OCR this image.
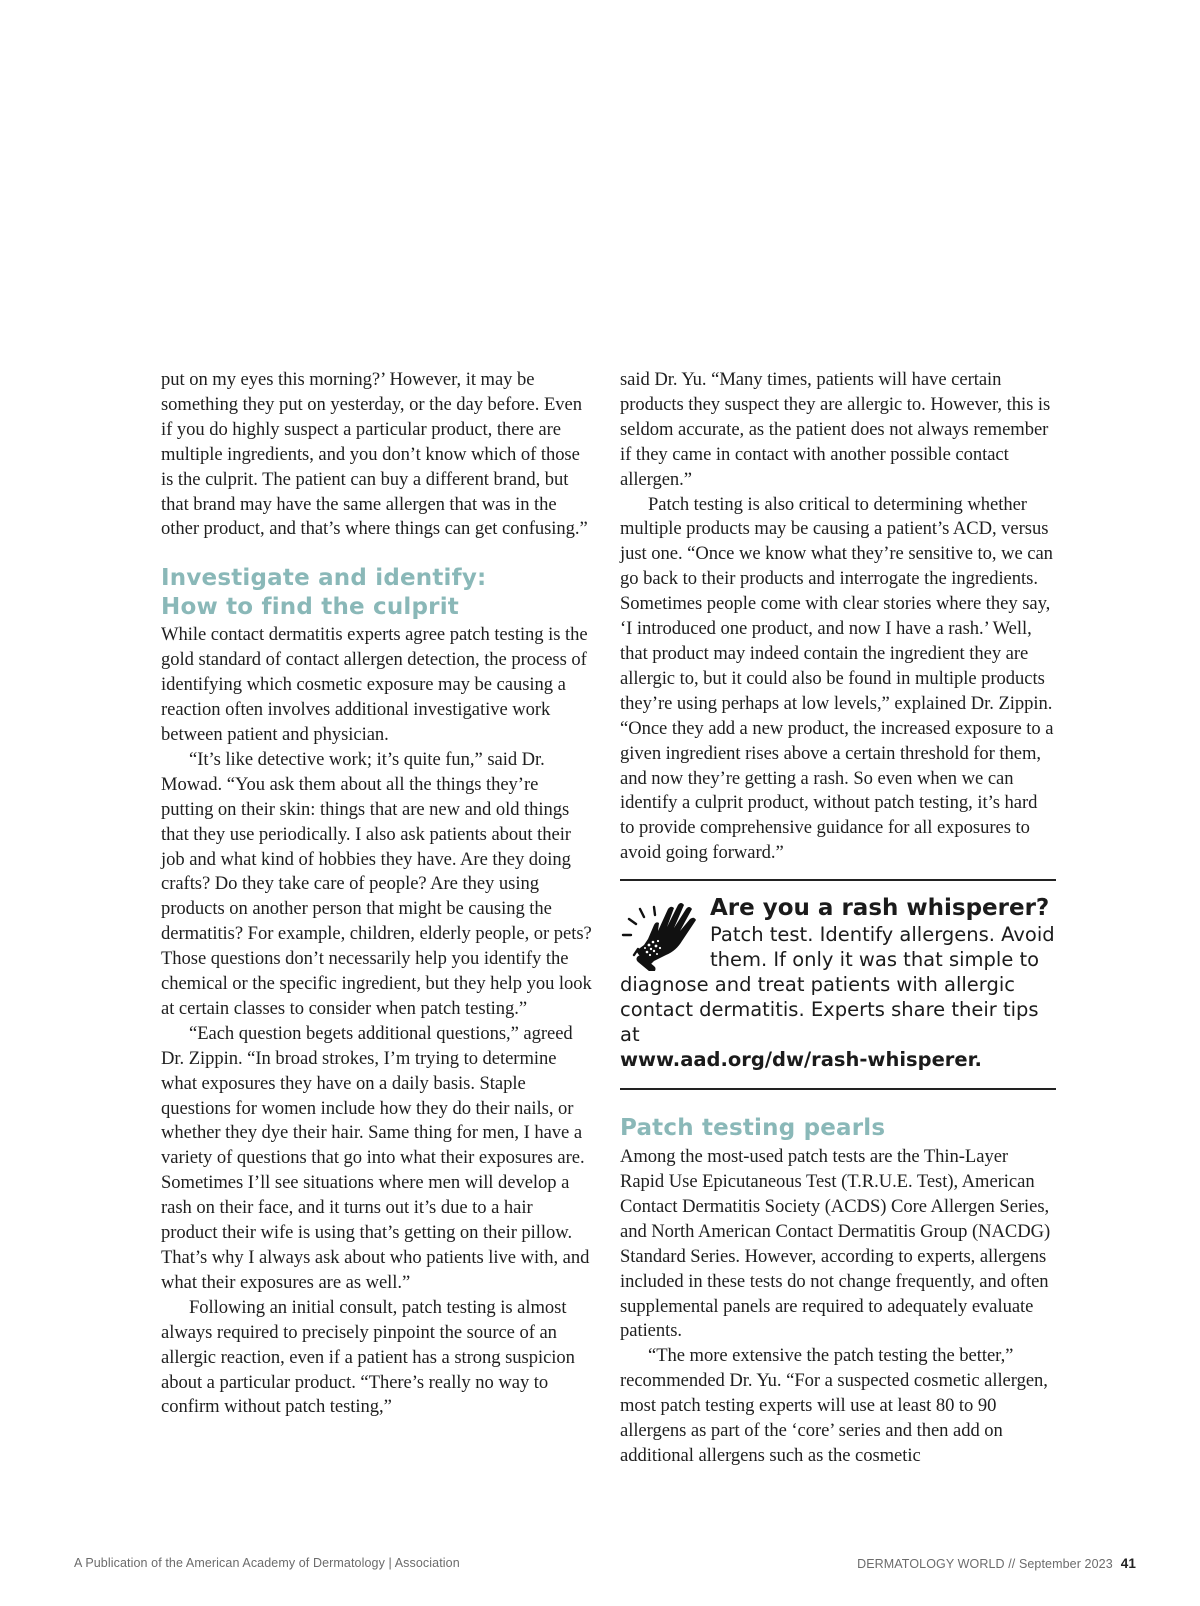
put on my eyes this morning?’ However, it may be something they put on yesterday, or the day before. Even if you do highly suspect a particular product, there are multiple ingredients, and you don’t know which of those is the culprit. The patient can buy a different brand, but that brand may have the same allergen that was in the other product, and that’s where things can get confusing.”

Investigate and identify:
How to find the culprit

While contact dermatitis experts agree patch testing is the gold standard of contact allergen detection, the process of identifying which cosmetic exposure may be causing a reaction often involves additional investigative work between patient and physician.

“It’s like detective work; it’s quite fun,” said Dr. Mowad. “You ask them about all the things they’re putting on their skin: things that are new and old things that they use periodically. I also ask patients about their job and what kind of hobbies they have. Are they doing crafts? Do they take care of people? Are they using products on another person that might be causing the dermatitis? For example, children, elderly people, or pets? Those questions don’t necessarily help you identify the chemical or the specific ingredient, but they help you look at certain classes to consider when patch testing.”

“Each question begets additional questions,” agreed Dr. Zippin. “In broad strokes, I’m trying to determine what exposures they have on a daily basis. Staple questions for women include how they do their nails, or whether they dye their hair. Same thing for men, I have a variety of questions that go into what their exposures are. Sometimes I’ll see situations where men will develop a rash on their face, and it turns out it’s due to a hair product their wife is using that’s getting on their pillow. That’s why I always ask about who patients live with, and what their exposures are as well.”

Following an initial consult, patch testing is almost always required to precisely pinpoint the source of an allergic reaction, even if a patient has a strong suspicion about a particular product. “There’s really no way to confirm without patch testing,”

said Dr. Yu. “Many times, patients will have certain products they suspect they are allergic to. However, this is seldom accurate, as the patient does not always remember if they came in contact with another possible contact allergen.”

Patch testing is also critical to determining whether multiple products may be causing a patient’s ACD, versus just one. “Once we know what they’re sensitive to, we can go back to their products and interrogate the ingredients. Sometimes people come with clear stories where they say, ‘I introduced one product, and now I have a rash.’ Well, that product may indeed contain the ingredient they are allergic to, but it could also be found in multiple products they’re using perhaps at low levels,” explained Dr. Zippin. “Once they add a new product, the increased exposure to a given ingredient rises above a certain threshold for them, and now they’re getting a rash. So even when we can identify a culprit product, without patch testing, it’s hard to provide comprehensive guidance for all exposures to avoid going forward.”

Are you a rash whisperer?
Patch test. Identify allergens. Avoid them. If only it was that simple to diagnose and treat patients with allergic contact dermatitis. Experts share their tips at
www.aad.org/dw/rash-whisperer.
Patch testing pearls

Among the most-used patch tests are the Thin-Layer Rapid Use Epicutaneous Test (T.R.U.E. Test), American Contact Dermatitis Society (ACDS) Core Allergen Series, and North American Contact Dermatitis Group (NACDG) Standard Series. However, according to experts, allergens included in these tests do not change frequently, and often supplemental panels are required to adequately evaluate patients.

“The more extensive the patch testing the better,” recommended Dr. Yu. “For a suspected cosmetic allergen, most patch testing experts will use at least 80 to 90 allergens as part of the ‘core’ series and then add on additional allergens such as the cosmetic

A Publication of the American Academy of Dermatology | Association	DERMATOLOGY WORLD // September 2023 41
